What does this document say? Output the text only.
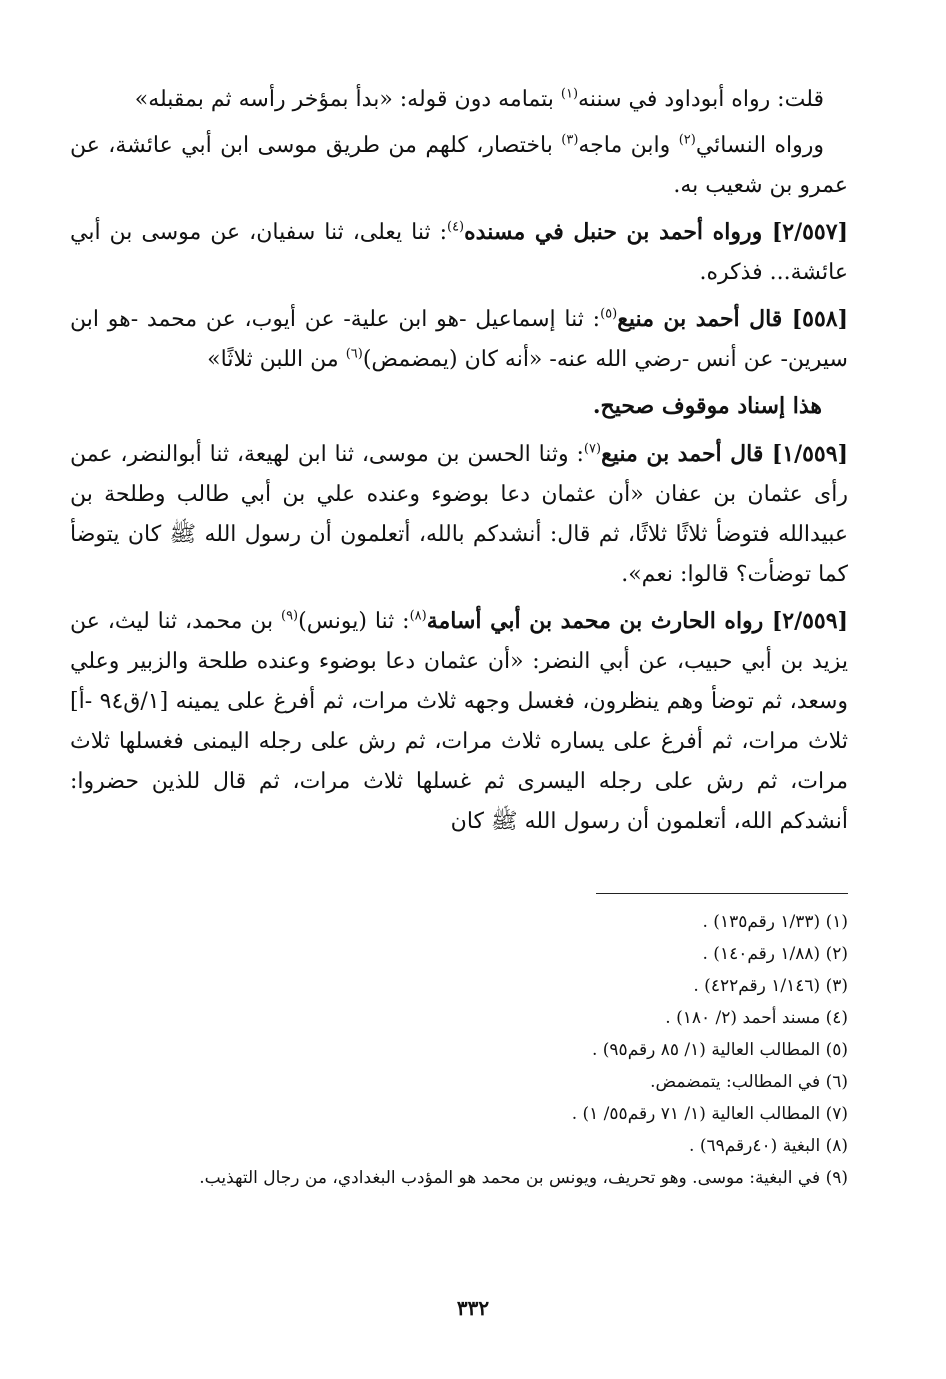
قلت: رواه أبوداود في سننه$^{(١)}$ بتمامه دون قوله: «بدأ بمؤخر رأسه ثم بمقبله»

ورواه النسائي$^{(٢)}$ وابن ماجه$^{(٣)}$ باختصار، كلهم من طريق موسى ابن أبي عائشة، عن عمرو بن شعيب به.

[٢/٥٥٧] ورواه أحمد بن حنبل في مسنده$^{(٤)}$: ثنا يعلى، ثنا سفيان، عن موسى بن أبي عائشة... فذكره.

[٥٥٨] قال أحمد بن منيع$^{(٥)}$: ثنا إسماعيل -هو ابن علية- عن أيوب، عن محمد -هو ابن سيرين- عن أنس -رضي الله عنه- «أنه كان (يمضمض)$^{(٦)}$ من اللبن ثلاثًا»

هذا إسناد موقوف صحيح.

[١/٥٥٩] قال أحمد بن منيع$^{(٧)}$: وثنا الحسن بن موسى، ثنا ابن لهيعة، ثنا أبوالنضر، عمن رأى عثمان بن عفان «أن عثمان دعا بوضوء وعنده علي بن أبي طالب وطلحة بن عبيدالله فتوضأ ثلاثًا ثلاثًا، ثم قال: أنشدكم بالله، أتعلمون أن رسول الله ﷺ كان يتوضأ كما توضأت؟ قالوا: نعم».

[٢/٥٥٩] رواه الحارث بن محمد بن أبي أسامة$^{(٨)}$: ثنا (يونس)$^{(٩)}$ بن محمد، ثنا ليث، عن يزيد بن أبي حبيب، عن أبي النضر: «أن عثمان دعا بوضوء وعنده طلحة والزبير وعلي وسعد، ثم توضأ وهم ينظرون، فغسل وجهه ثلاث مرات، ثم أفرغ على يمينه [١/ق٩٤ -أ] ثلاث مرات، ثم أفرغ على يساره ثلاث مرات، ثم رش على رجله اليمنى فغسلها ثلاث مرات، ثم رش على رجله اليسرى ثم غسلها ثلاث مرات، ثم قال للذين حضروا: أنشدكم الله، أتعلمون أن رسول الله ﷺ كان

(١) (١/٣٣ رقم١٣٥) .
(٢) (١/٨٨ رقم١٤٠) .
(٣) (١/١٤٦ رقم٤٢٢) .
(٤) مسند أحمد (٢/ ١٨٠) .
(٥) المطالب العالية (١/ ٨٥ رقم٩٥) .
(٦) في المطالب: يتمضمض.
(٧) المطالب العالية (١/ ٧١ رقم٥٥/ ١) .
(٨) البغية (٤٠رقم٦٩) .
(٩) في البغية: موسى. وهو تحريف، ويونس بن محمد هو المؤدب البغدادي، من رجال التهذيب.
٣٣٢
